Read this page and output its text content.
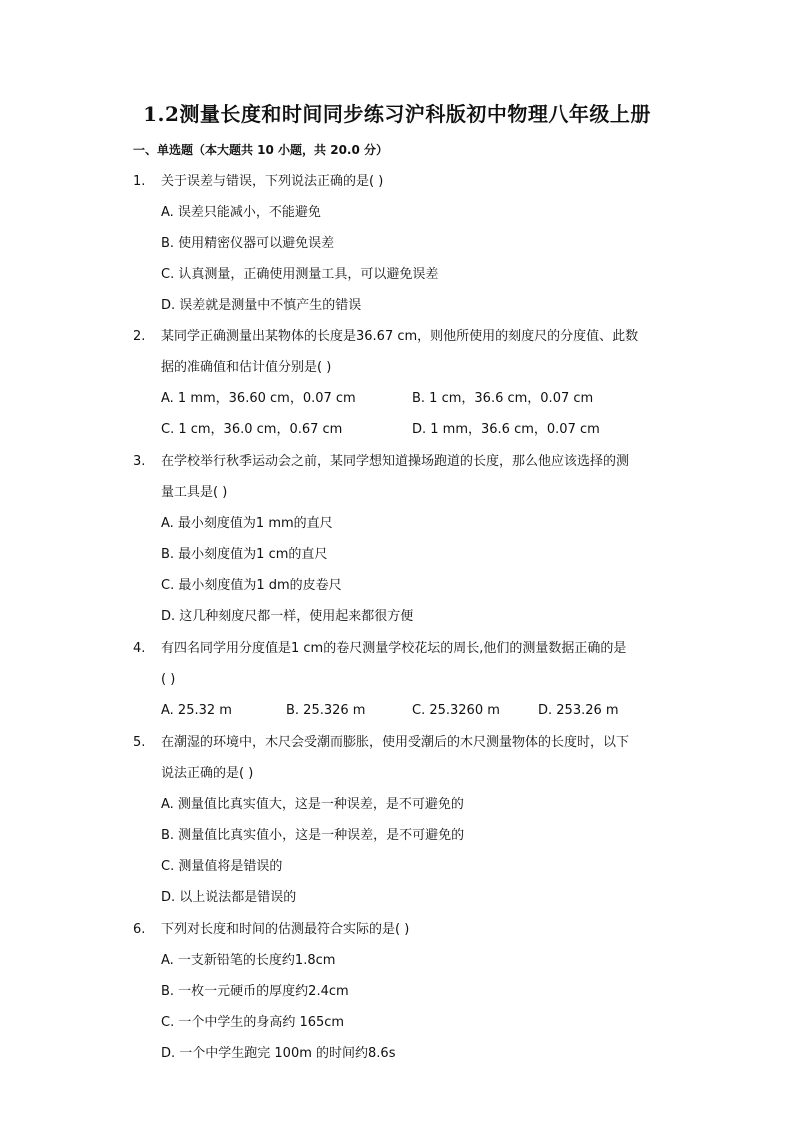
1.2测量长度和时间同步练习沪科版初中物理八年级上册
一、单选题（本大题共 10 小题，共 20.0 分）
1. 关于误差与错误，下列说法正确的是( )
A. 误差只能减小，不能避免
B. 使用精密仪器可以避免误差
C. 认真测量，正确使用测量工具，可以避免误差
D. 误差就是测量中不慎产生的错误
2. 某同学正确测量出某物体的长度是36.67 cm，则他所使用的刻度尺的分度值、此数
据的准确值和估计值分别是( )
A. 1 mm，36.60 cm，0.07 cm	B. 1 cm，36.6 cm，0.07 cm
C. 1 cm，36.0 cm，0.67 cm	D. 1 mm，36.6 cm，0.07 cm
3. 在学校举行秋季运动会之前，某同学想知道操场跑道的长度，那么他应该选择的测
量工具是( )
A. 最小刻度值为1 mm的直尺
B. 最小刻度值为1 cm的直尺
C. 最小刻度值为1 dm的皮卷尺
D. 这几种刻度尺都一样，使用起来都很方便
4. 有四名同学用分度值是1 cm的卷尺测量学校花坛的周长,他们的测量数据正确的是
( )
A. 25.32 m	B. 25.326 m	C. 25.3260 m	D. 253.26 m
5. 在潮湿的环境中，木尺会受潮而膨胀，使用受潮后的木尺测量物体的长度时，以下
说法正确的是( )
A. 测量值比真实值大，这是一种误差，是不可避免的
B. 测量值比真实值小，这是一种误差，是不可避免的
C. 测量值将是错误的
D. 以上说法都是错误的
6. 下列对长度和时间的估测最符合实际的是( )
A. 一支新铅笔的长度约1.8cm
B. 一枚一元硬币的厚度约2.4cm
C. 一个中学生的身高约 165cm
D. 一个中学生跑完 100m 的时间约8.6s
